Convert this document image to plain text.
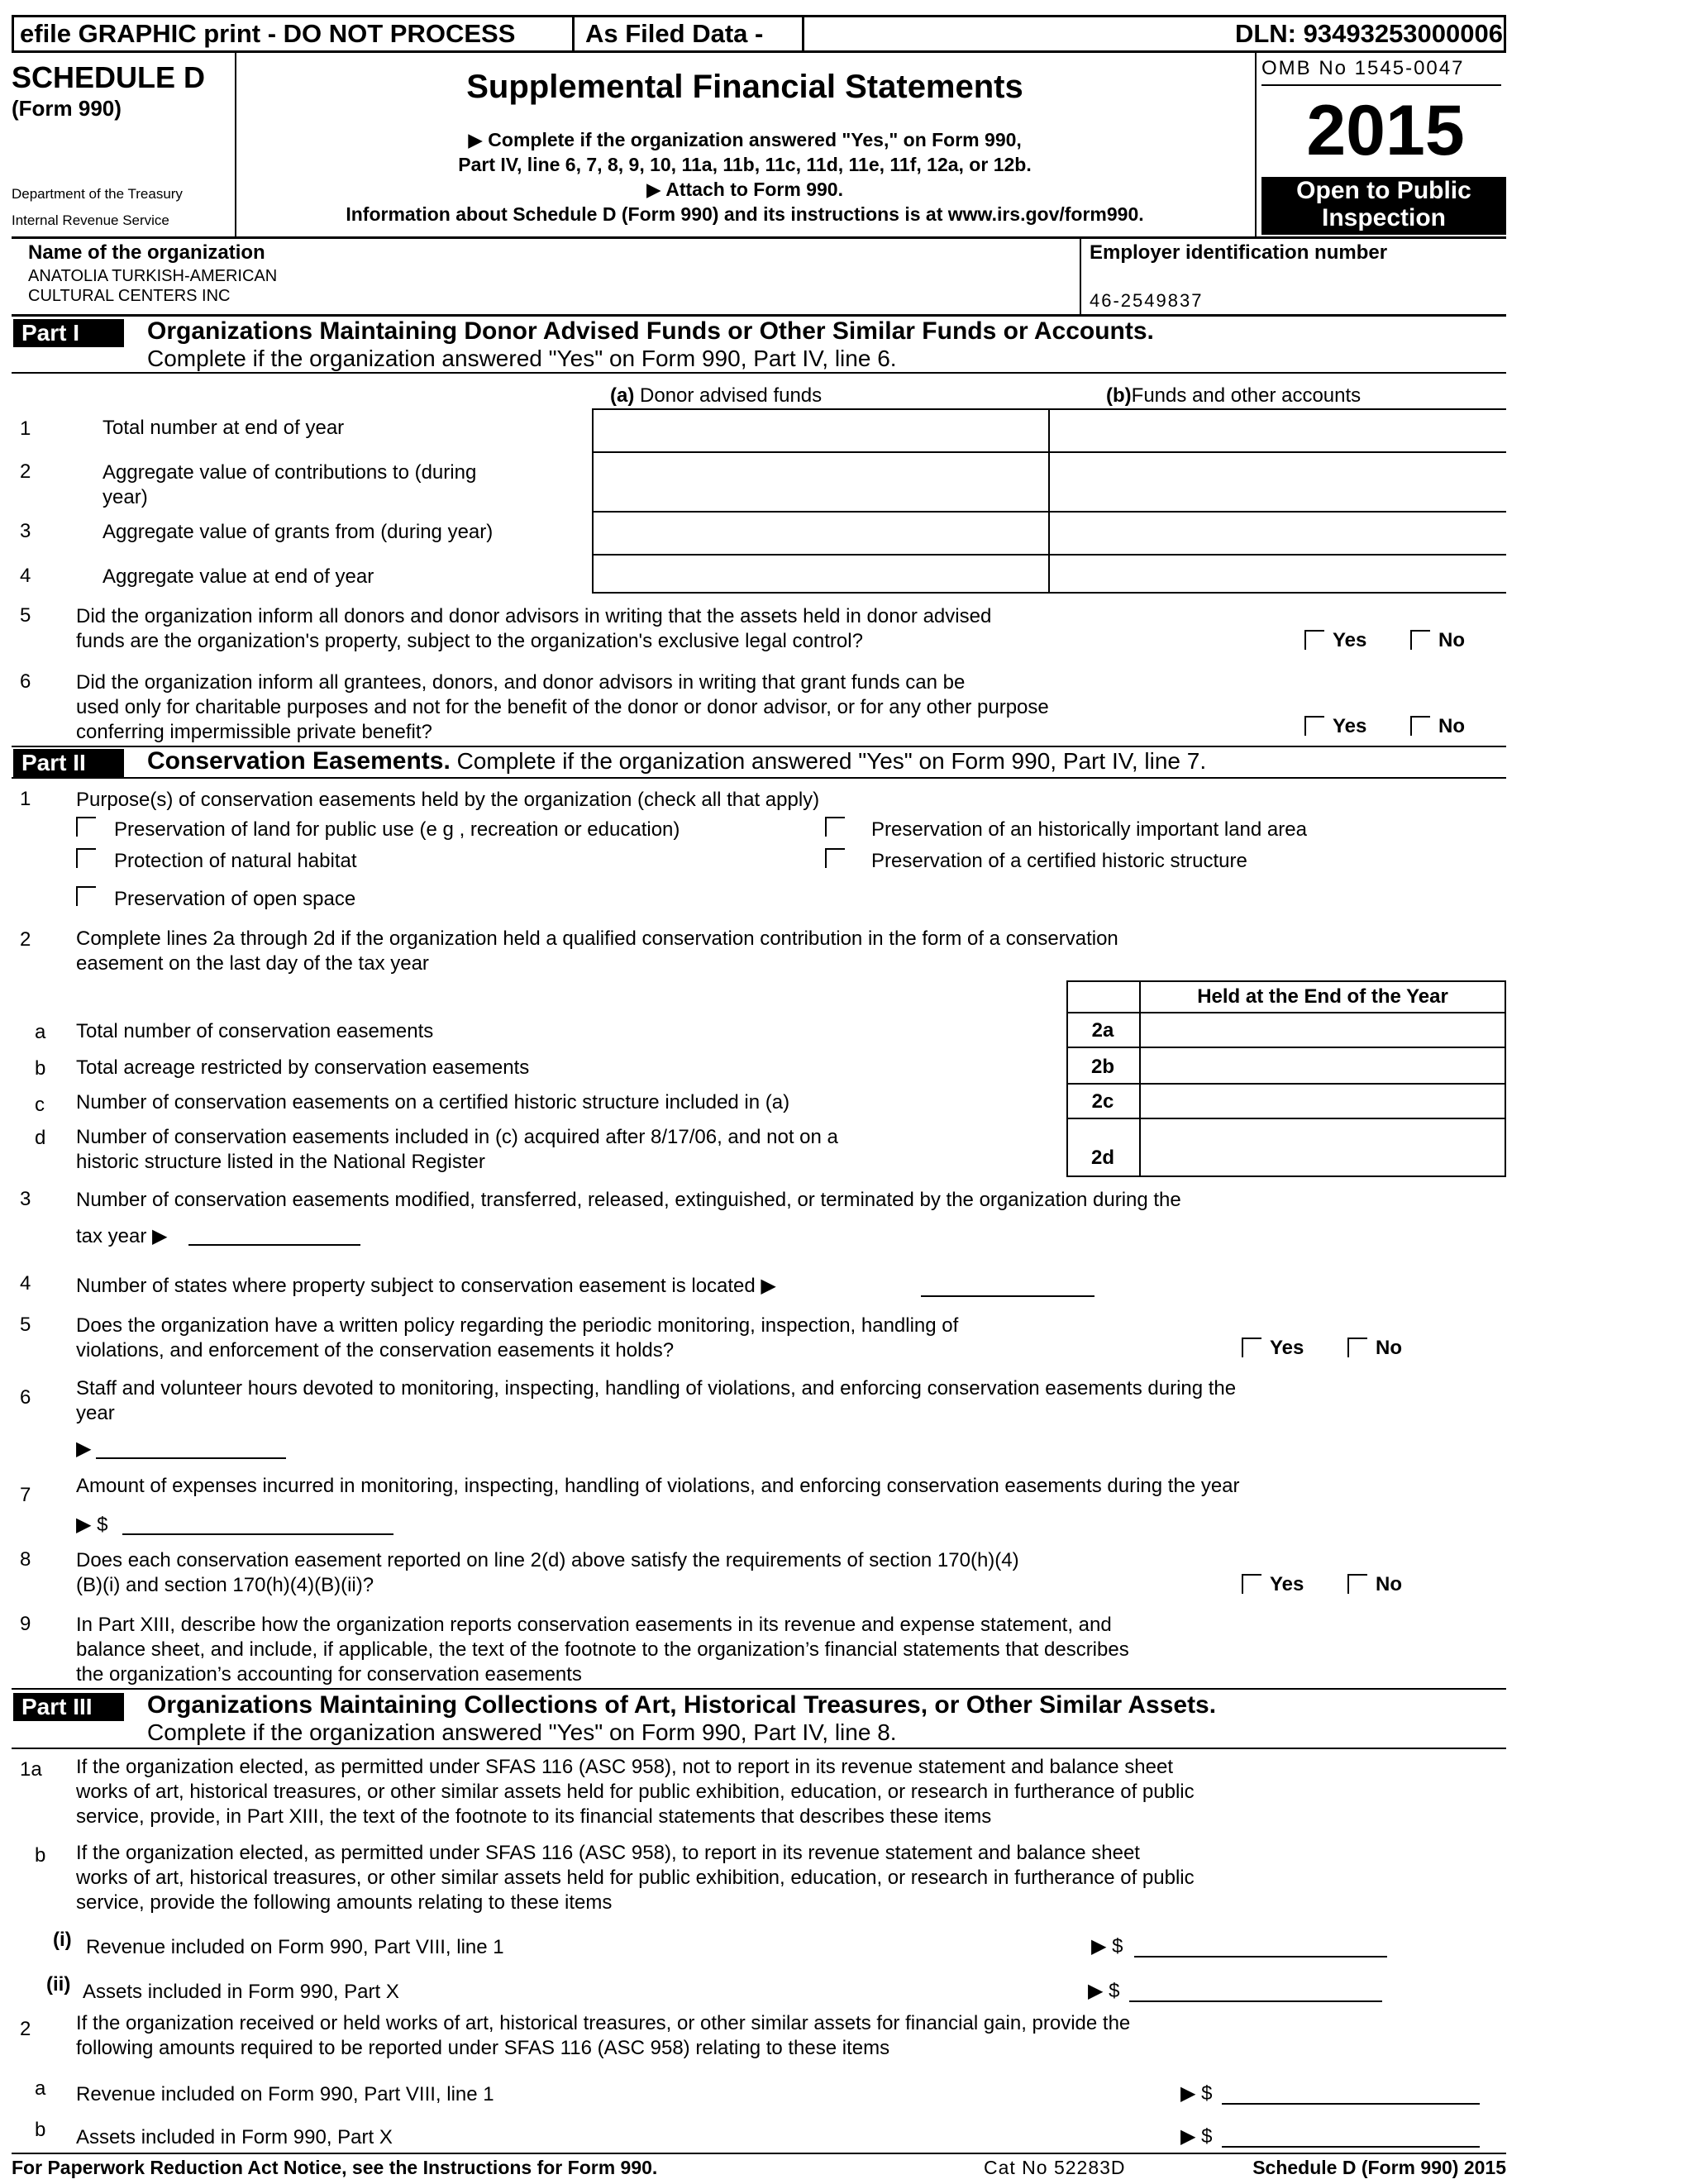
efile GRAPHIC print - DO NOT PROCESS	As Filed Data -	DLN: 93493253000006
SCHEDULE D
(Form 990)
Department of the Treasury
Internal Revenue Service
Supplemental Financial Statements
▶ Complete if the organization answered "Yes," on Form 990,
Part IV, line 6, 7, 8, 9, 10, 11a, 11b, 11c, 11d, 11e, 11f, 12a, or 12b.
▶ Attach to Form 990.
Information about Schedule D (Form 990) and its instructions is at www.irs.gov/form990.
OMB No 1545-0047
2015
Open to Public
Inspection
Name of the organization
ANATOLIA TURKISH-AMERICAN
CULTURAL CENTERS INC
Employer identification number
46-2549837
Part I	Organizations Maintaining Donor Advised Funds or Other Similar Funds or Accounts.
Complete if the organization answered "Yes" on Form 990, Part IV, line 6.
(a) Donor advised funds	(b)Funds and other accounts
1	Total number at end of year
2	Aggregate value of contributions to (during
year)
3	Aggregate value of grants from (during year)
4	Aggregate value at end of year
5 Did the organization inform all donors and donor advisors in writing that the assets held in donor advised
funds are the organization's property, subject to the organization's exclusive legal control?	Yes	No
6 Did the organization inform all grantees, donors, and donor advisors in writing that grant funds can be
used only for charitable purposes and not for the benefit of the donor or donor advisor, or for any other purpose
conferring impermissible private benefit?	Yes	No
Part II	Conservation Easements. Complete if the organization answered "Yes" on Form 990, Part IV, line 7.
1 Purpose(s) of conservation easements held by the organization (check all that apply)
Preservation of land for public use (e g , recreation or education)	Preservation of an historically important land area
Protection of natural habitat	Preservation of a certified historic structure
Preservation of open space
2 Complete lines 2a through 2d if the organization held a qualified conservation contribution in the form of a conservation
easement on the last day of the tax year
Held at the End of the Year
a Total number of conservation easements	2a
b Total acreage restricted by conservation easements	2b
c Number of conservation easements on a certified historic structure included in (a)	2c
d Number of conservation easements included in (c) acquired after 8/17/06, and not on a
historic structure listed in the National Register	2d
3 Number of conservation easements modified, transferred, released, extinguished, or terminated by the organization during the
tax year ▶
4 Number of states where property subject to conservation easement is located ▶
5 Does the organization have a written policy regarding the periodic monitoring, inspection, handling of
violations, and enforcement of the conservation easements it holds?	Yes	No
6 Staff and volunteer hours devoted to monitoring, inspecting, handling of violations, and enforcing conservation easements during the
year
▶
7 Amount of expenses incurred in monitoring, inspecting, handling of violations, and enforcing conservation easements during the year
▶ $
8 Does each conservation easement reported on line 2(d) above satisfy the requirements of section 170(h)(4)
(B)(i) and section 170(h)(4)(B)(ii)?	Yes	No
9 In Part XIII, describe how the organization reports conservation easements in its revenue and expense statement, and
balance sheet, and include, if applicable, the text of the footnote to the organization’s financial statements that describes
the organization’s accounting for conservation easements
Part III	Organizations Maintaining Collections of Art, Historical Treasures, or Other Similar Assets.
Complete if the organization answered "Yes" on Form 990, Part IV, line 8.
1a If the organization elected, as permitted under SFAS 116 (ASC 958), not to report in its revenue statement and balance sheet
works of art, historical treasures, or other similar assets held for public exhibition, education, or research in furtherance of public
service, provide, in Part XIII, the text of the footnote to its financial statements that describes these items
b If the organization elected, as permitted under SFAS 116 (ASC 958), to report in its revenue statement and balance sheet
works of art, historical treasures, or other similar assets held for public exhibition, education, or research in furtherance of public
service, provide the following amounts relating to these items
(i) Revenue included on Form 990, Part VIII, line 1	▶ $
(ii) Assets included in Form 990, Part X	▶ $
2 If the organization received or held works of art, historical treasures, or other similar assets for financial gain, provide the
following amounts required to be reported under SFAS 116 (ASC 958) relating to these items
a Revenue included on Form 990, Part VIII, line 1	▶ $
b Assets included in Form 990, Part X	▶ $
For Paperwork Reduction Act Notice, see the Instructions for Form 990.	Cat No 52283D	Schedule D (Form 990) 2015
